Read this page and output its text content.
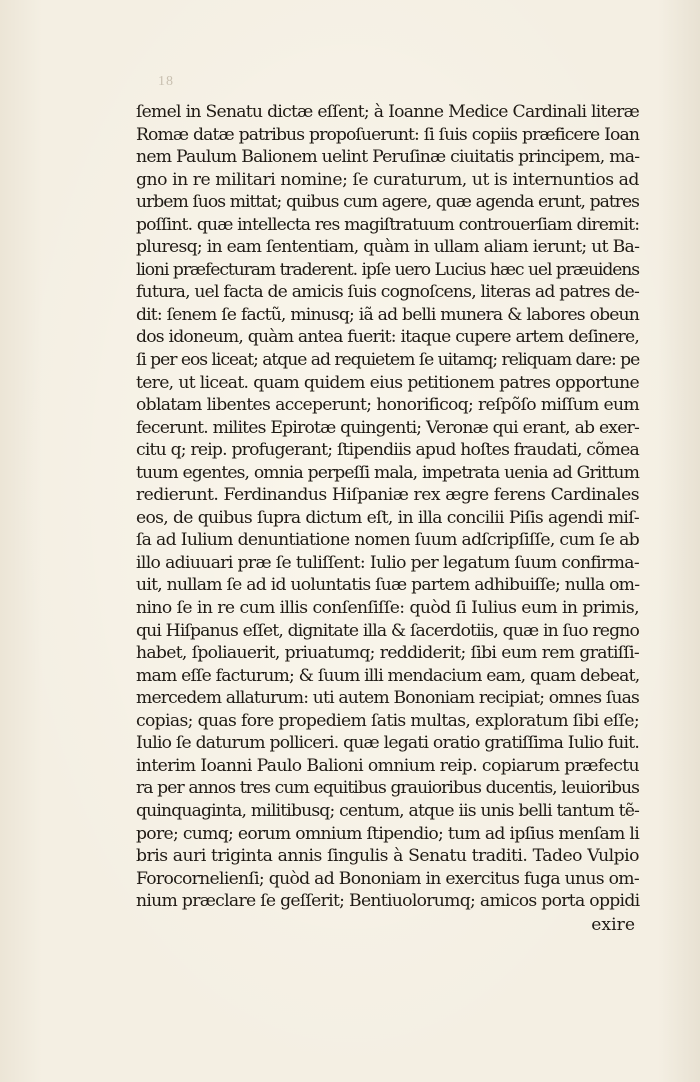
18
ſemel in Senatu dictæ eſſent; à Ioanne Medice Cardinali literæ
Romæ datæ patribus propoſuerunt: ſi ſuis copiis præficere Ioan
nem Paulum Balionem uelint Peruſinæ ciuitatis principem, ma-
gno in re militari nomine; ſe curaturum, ut is internuntios ad
urbem ſuos mittat; quibus cum agere, quæ agenda erunt, patres
poſſint. quæ intellecta res magiſtratuum controuerſiam diremit:
pluresq; in eam ſententiam, quàm in ullam aliam ierunt; ut Ba-
lioni præfecturam traderent. ipſe uero Lucius hæc uel præuidens
futura, uel facta de amicis ſuis cognoſcens, literas ad patres de-
dit: ſenem ſe factũ, minusq; iã ad belli munera & labores obeun
dos idoneum, quàm antea fuerit: itaque cupere artem deſinere,
ſi per eos liceat; atque ad requietem ſe uitamq; reliquam dare: pe
tere, ut liceat. quam quidem eius petitionem patres opportune
oblatam libentes acceperunt; honorificoq; reſpõſo miſſum eum
fecerunt. milites Epirotæ quingenti; Veronæ qui erant, ab exer-
citu q; reip. profugerant; ſtipendiis apud hoſtes fraudati, cõmea
tuum egentes, omnia perpeſſi mala, impetrata uenia ad Grittum
redierunt. Ferdinandus Hiſpaniæ rex ægre ferens Cardinales
eos, de quibus ſupra dictum eſt, in illa concilii Piſis agendi miſ-
ſa ad Iulium denuntiatione nomen ſuum adſcripſiſſe, cum ſe ab
illo adiuuari præ ſe tuliſſent: Iulio per legatum ſuum confirma-
uit, nullam ſe ad id uoluntatis ſuæ partem adhibuiſſe; nulla om-
nino ſe in re cum illis conſenſiſſe: quòd ſi Iulius eum in primis,
qui Hiſpanus eſſet, dignitate illa & ſacerdotiis, quæ in ſuo regno
habet, ſpoliauerit, priuatumq; reddiderit; ſibi eum rem gratiſſi-
mam eſſe facturum; & ſuum illi mendacium eam, quam debeat,
mercedem allaturum: uti autem Bononiam recipiat; omnes ſuas
copias; quas fore propediem ſatis multas, exploratum ſibi eſſe;
Iulio ſe daturum polliceri. quæ legati oratio gratiſſima Iulio fuit.
interim Ioanni Paulo Balioni omnium reip. copiarum præfectu
ra per annos tres cum equitibus grauioribus ducentis, leuioribus
quinquaginta, militibusq; centum, atque iis unis belli tantum tẽ-
pore; cumq; eorum omnium ſtipendio; tum ad ipſius menſam li
bris auri triginta annis ſingulis à Senatu traditi. Tadeo Vulpio
Forocornelienſi; quòd ad Bononiam in exercitus fuga unus om-
nium præclare ſe geſſerit; Bentiuolorumq; amicos porta oppidi
exire
